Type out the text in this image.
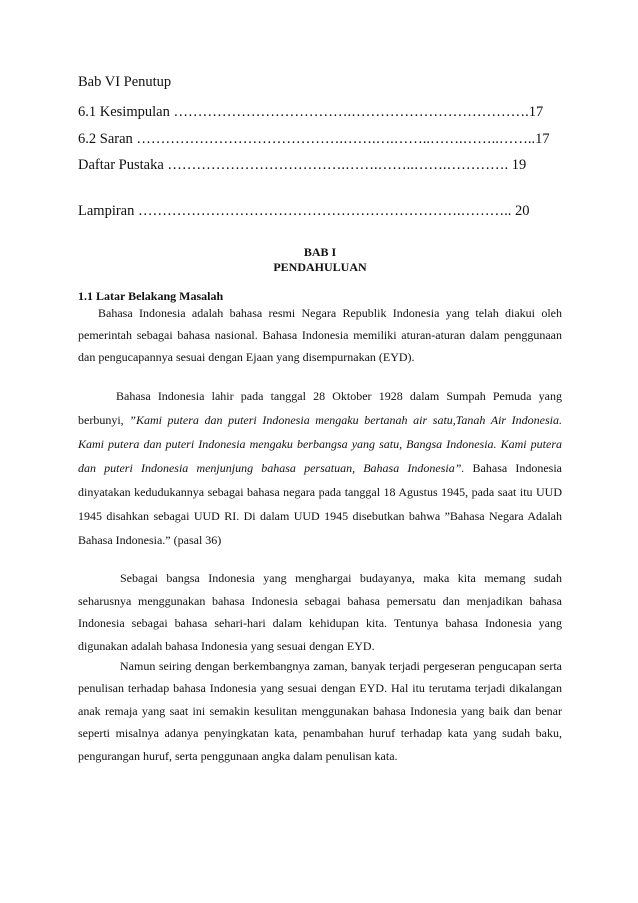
Bab VI Penutup
6.1 Kesimpulan ……………………………….……………………………….17
6.2 Saran …………………………………….…….….……..…….……..……..17
Daftar Pustaka ……………………………….…….……..…….…………. 19
Lampiran ………………………………………………………….……….. 20
BAB I
PENDAHULUAN
1.1 Latar Belakang Masalah
Bahasa Indonesia adalah bahasa resmi Negara Republik Indonesia yang telah diakui oleh pemerintah sebagai bahasa nasional. Bahasa Indonesia memiliki aturan-aturan dalam penggunaan dan pengucapannya sesuai dengan Ejaan yang disempurnakan (EYD).
Bahasa Indonesia lahir pada tanggal 28 Oktober 1928 dalam Sumpah Pemuda yang berbunyi, ”Kami putera dan puteri Indonesia mengaku bertanah air satu,Tanah Air Indonesia. Kami putera dan puteri Indonesia mengaku berbangsa yang satu, Bangsa Indonesia. Kami putera dan puteri Indonesia menjunjung bahasa persatuan, Bahasa Indonesia”. Bahasa Indonesia dinyatakan kedudukannya sebagai bahasa negara pada tanggal 18 Agustus 1945, pada saat itu UUD 1945 disahkan sebagai UUD RI. Di dalam UUD 1945 disebutkan bahwa ”Bahasa Negara Adalah Bahasa Indonesia.” (pasal 36)
Sebagai bangsa Indonesia yang menghargai budayanya, maka kita memang sudah seharusnya menggunakan bahasa Indonesia sebagai bahasa pemersatu dan menjadikan bahasa Indonesia sebagai bahasa sehari-hari dalam kehidupan kita. Tentunya bahasa Indonesia yang digunakan adalah bahasa Indonesia yang sesuai dengan EYD.
Namun seiring dengan berkembangnya zaman, banyak terjadi pergeseran pengucapan serta penulisan terhadap bahasa Indonesia yang sesuai dengan EYD. Hal itu terutama terjadi dikalangan anak remaja yang saat ini semakin kesulitan menggunakan bahasa Indonesia yang baik dan benar seperti misalnya adanya penyingkatan kata, penambahan huruf terhadap kata yang sudah baku, pengurangan huruf, serta penggunaan angka dalam penulisan kata.
